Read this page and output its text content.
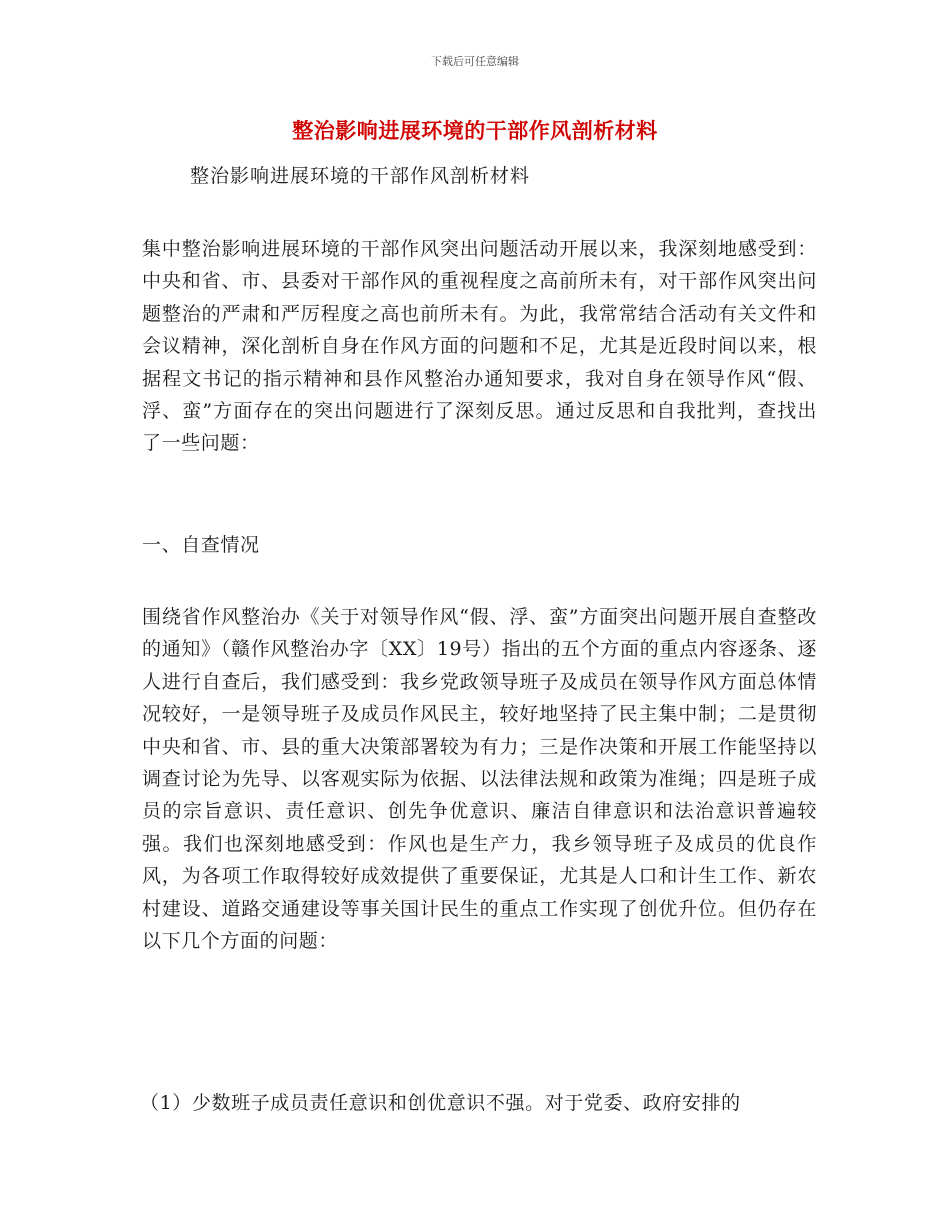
下载后可任意编辑
整治影响进展环境的干部作风剖析材料
整治影响进展环境的干部作风剖析材料

集中整治影响进展环境的干部作风突出问题活动开展以来，我深刻地感受到：中央和省、市、县委对干部作风的重视程度之高前所未有，对干部作风突出问题整治的严肃和严厉程度之高也前所未有。为此，我常常结合活动有关文件和会议精神，深化剖析自身在作风方面的问题和不足，尤其是近段时间以来，根据程文书记的指示精神和县作风整治办通知要求，我对自身在领导作风“假、浮、蛮”方面存在的突出问题进行了深刻反思。通过反思和自我批判，查找出了一些问题：

一、自查情况

围绕省作风整治办《关于对领导作风“假、浮、蛮”方面突出问题开展自查整改的通知》（赣作风整治办字〔XX〕19号）指出的五个方面的重点内容逐条、逐人进行自查后，我们感受到：我乡党政领导班子及成员在领导作风方面总体情况较好，一是领导班子及成员作风民主，较好地坚持了民主集中制；二是贯彻中央和省、市、县的重大决策部署较为有力；三是作决策和开展工作能坚持以调查讨论为先导、以客观实际为依据、以法律法规和政策为准绳；四是班子成员的宗旨意识、责任意识、创先争优意识、廉洁自律意识和法治意识普遍较强。我们也深刻地感受到：作风也是生产力，我乡领导班子及成员的优良作风，为各项工作取得较好成效提供了重要保证，尤其是人口和计生工作、新农村建设、道路交通建设等事关国计民生的重点工作实现了创优升位。但仍存在以下几个方面的问题：

（1）少数班子成员责任意识和创优意识不强。对于党委、政府安排的
